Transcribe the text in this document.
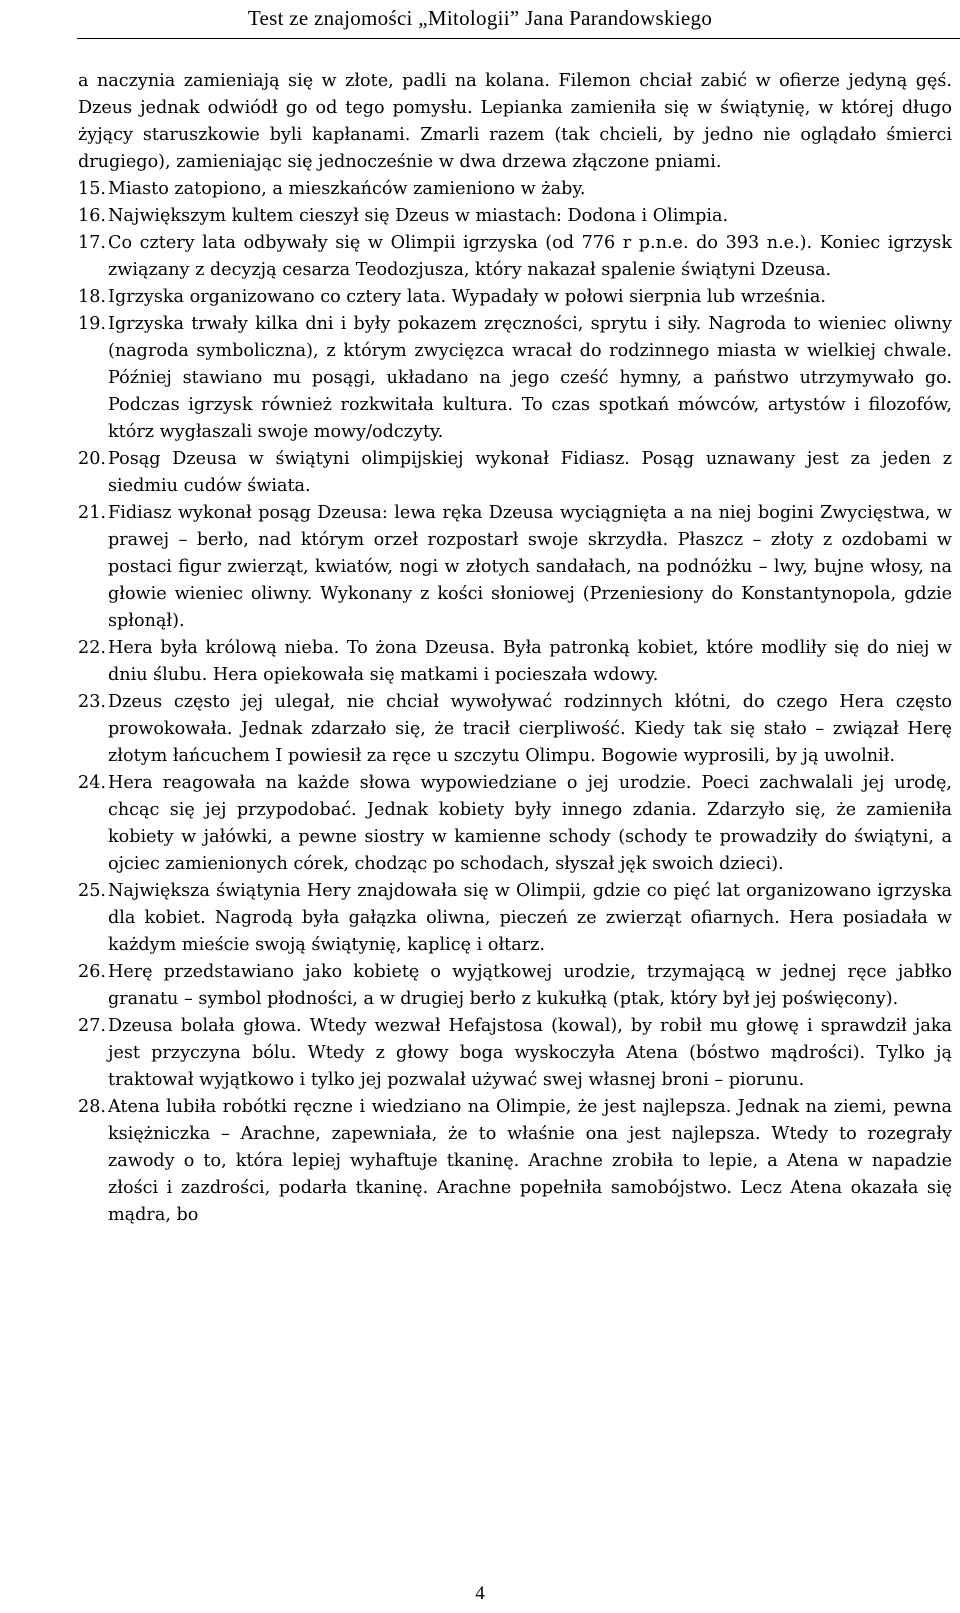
Test ze znajomości „Mitologii” Jana Parandowskiego
a naczynia zamieniają się w złote, padli na kolana. Filemon chciał zabić w ofierze jedyną gęś. Dzeus jednak odwiódł go od tego pomysłu. Lepianka zamieniła się w świątynię, w której długo żyjący staruszkowie byli kapłanami. Zmarli razem (tak chcieli, by jedno nie oglądało śmierci drugiego), zamieniając się jednocześnie w dwa drzewa złączone pniami.
15. Miasto zatopiono, a mieszkańców zamieniono w żaby.
16. Największym kultem cieszył się Dzeus w miastach: Dodona i Olimpia.
17. Co cztery lata odbywały się w Olimpii igrzyska (od 776 r p.n.e. do 393 n.e.). Koniec igrzysk związany z decyzją cesarza Teodozjusza, który nakazał spalenie świątyni Dzeusa.
18. Igrzyska organizowano co cztery lata. Wypadały w połowi sierpnia lub września.
19. Igrzyska trwały kilka dni i były pokazem zręczności, sprytu i siły. Nagroda to wieniec oliwny (nagroda symboliczna), z którym zwycięzca wracał do rodzinnego miasta w wielkiej chwale. Później stawiano mu posągi, układano na jego cześć hymny, a państwo utrzymywało go. Podczas igrzysk również rozkwitała kultura. To czas spotkań mówców, artystów i filozofów, którz wygłaszali swoje mowy/odczyty.
20. Posąg Dzeusa w świątyni olimpijskiej wykonał Fidiasz. Posąg uznawany jest za jeden z siedmiu cudów świata.
21. Fidiasz wykonał posąg Dzeusa: lewa ręka Dzeusa wyciągnięta a na niej bogini Zwycięstwa, w prawej – berło, nad którym orzeł rozpostarł swoje skrzydła. Płaszcz – złoty z ozdobami w postaci figur zwierząt, kwiatów, nogi w złotych sandałach, na podnóżku – lwy, bujne włosy, na głowie wieniec oliwny. Wykonany z kości słoniowej (Przeniesiony do Konstantynopola, gdzie spłonął).
22. Hera była królową nieba. To żona Dzeusa. Była patronką kobiet, które modliły się do niej w dniu ślubu. Hera opiekowała się matkami i pocieszała wdowy.
23. Dzeus często jej ulegał, nie chciał wywoływać rodzinnych kłótni, do czego Hera często prowokowała. Jednak zdarzało się, że tracił cierpliwość. Kiedy tak się stało – związał Herę złotym łańcuchem I powiesił za ręce u szczytu Olimpu. Bogowie wyprosili, by ją uwolnił.
24. Hera reagowała na każde słowa wypowiedziane o jej urodzie. Poeci zachwalali jej urodę, chcąc się jej przypodobać. Jednak kobiety były innego zdania. Zdarzyło się, że zamieniła kobiety w jałówki, a pewne siostry w kamienne schody (schody te prowadziły do świątyni, a ojciec zamienionych córek, chodząc po schodach, słyszał jęk swoich dzieci).
25. Największa świątynia Hery znajdowała się w Olimpii, gdzie co pięć lat organizowano igrzyska dla kobiet. Nagrodą była gałązka oliwna, pieczeń ze zwierząt ofiarnych. Hera posiadała w każdym mieście swoją świątynię, kaplicę i ołtarz.
26. Herę przedstawiano jako kobietę o wyjątkowej urodzie, trzymającą w jednej ręce jabłko granatu – symbol płodności, a w drugiej berło z kukułką (ptak, który był jej poświęcony).
27. Dzeusa bolała głowa. Wtedy wezwał Hefajstosa (kowal), by robił mu głowę i sprawdził jaka jest przyczyna bólu. Wtedy z głowy boga wyskoczyła Atena (bóstwo mądrości). Tylko ją traktował wyjątkowo i tylko jej pozwalał używać swej własnej broni – piorunu.
28. Atena lubiła robótki ręczne i wiedziano na Olimpie, że jest najlepsza. Jednak na ziemi, pewna księżniczka – Arachne, zapewniała, że to właśnie ona jest najlepsza. Wtedy to rozegrały zawody o to, która lepiej wyhaftuje tkaninę. Arachne zrobiła to lepie, a Atena w napadzie złości i zazdrości, podarła tkaninę. Arachne popełniła samobójstwo. Lecz Atena okazała się mądra, bo
4
